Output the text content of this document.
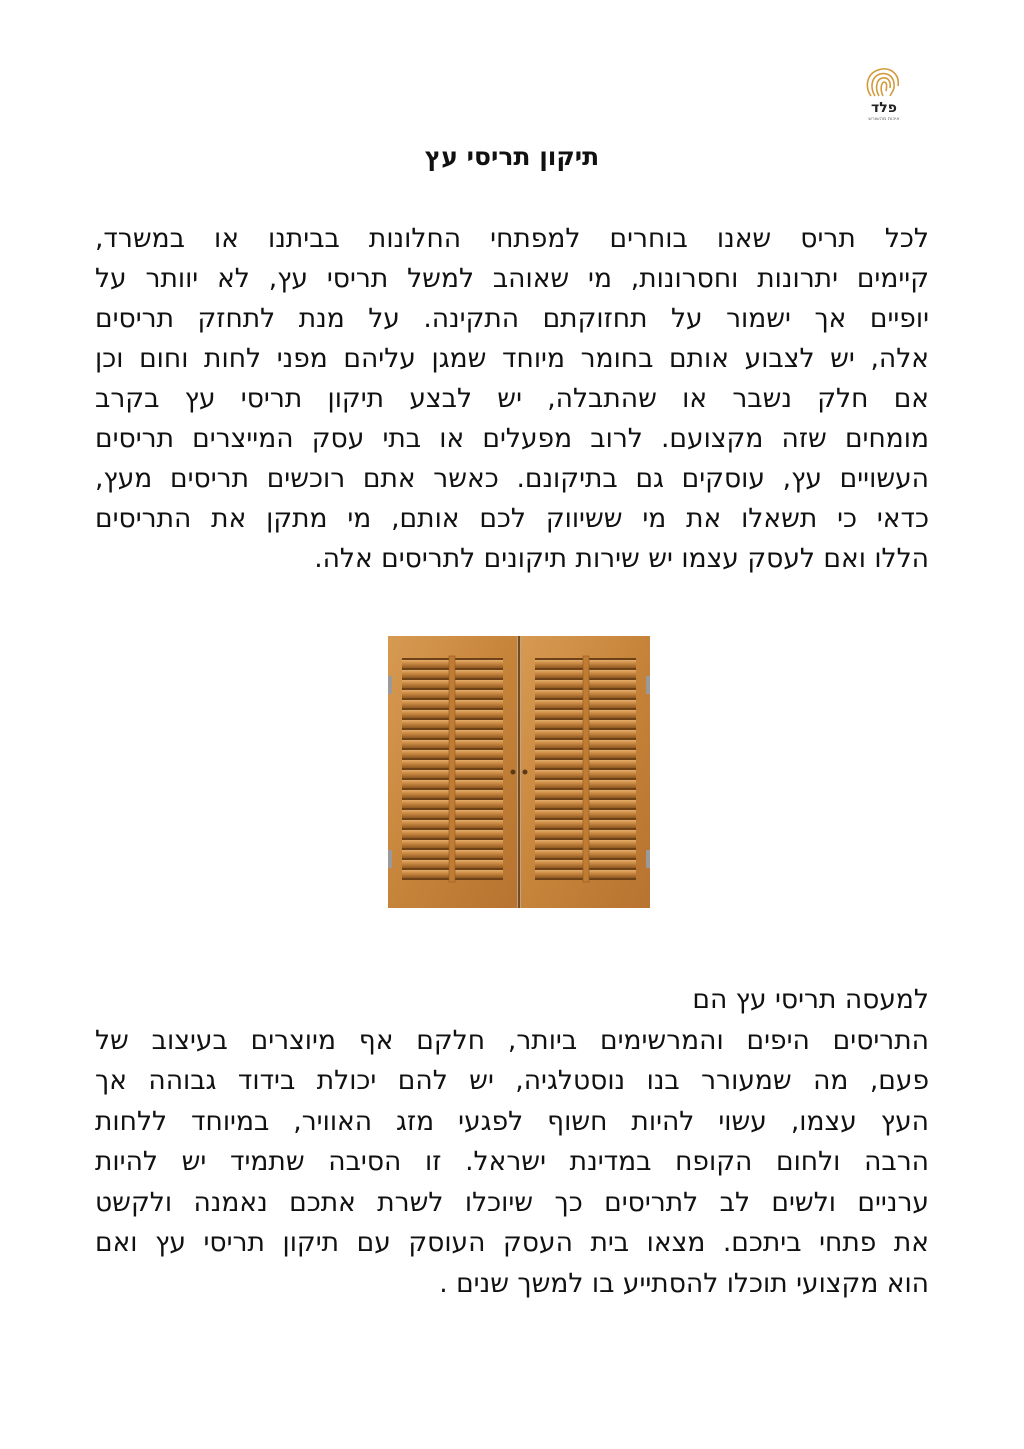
פלד
איכות מהשורש
תיקון תריסי עץ
לכל תריס שאנו בוחרים למפתחי החלונות בביתנו או במשרד,
קיימים יתרונות וחסרונות, מי שאוהב למשל תריסי עץ, לא יוותר על
יופיים אך ישמור על תחזוקתם התקינה. על מנת לתחזק תריסים
אלה, יש לצבוע אותם בחומר מיוחד שמגן עליהם מפני לחות וחום וכן
אם חלק נשבר או שהתבלה, יש לבצע תיקון תריסי עץ בקרב
מומחים שזה מקצועם. לרוב מפעלים או בתי עסק המייצרים תריסים
העשויים עץ, עוסקים גם בתיקונם. כאשר אתם רוכשים תריסים מעץ,
כדאי כי תשאלו את מי ששיווק לכם אותם, מי מתקן את התריסים
הללו ואם לעסק עצמו יש שירות תיקונים לתריסים אלה.
למעסה תריסי עץ הם
התריסים היפים והמרשימים ביותר, חלקם אף מיוצרים בעיצוב של
פעם, מה שמעורר בנו נוסטלגיה, יש להם יכולת בידוד גבוהה אך
העץ עצמו, עשוי להיות חשוף לפגעי מזג האוויר, במיוחד ללחות
הרבה ולחום הקופח במדינת ישראל. זו הסיבה שתמיד יש להיות
ערניים ולשים לב לתריסים כך שיוכלו לשרת אתכם נאמנה ולקשט
את פתחי ביתכם. מצאו בית העסק העוסק עם תיקון תריסי עץ ואם
הוא מקצועי תוכלו להסתייע בו למשך שנים .
